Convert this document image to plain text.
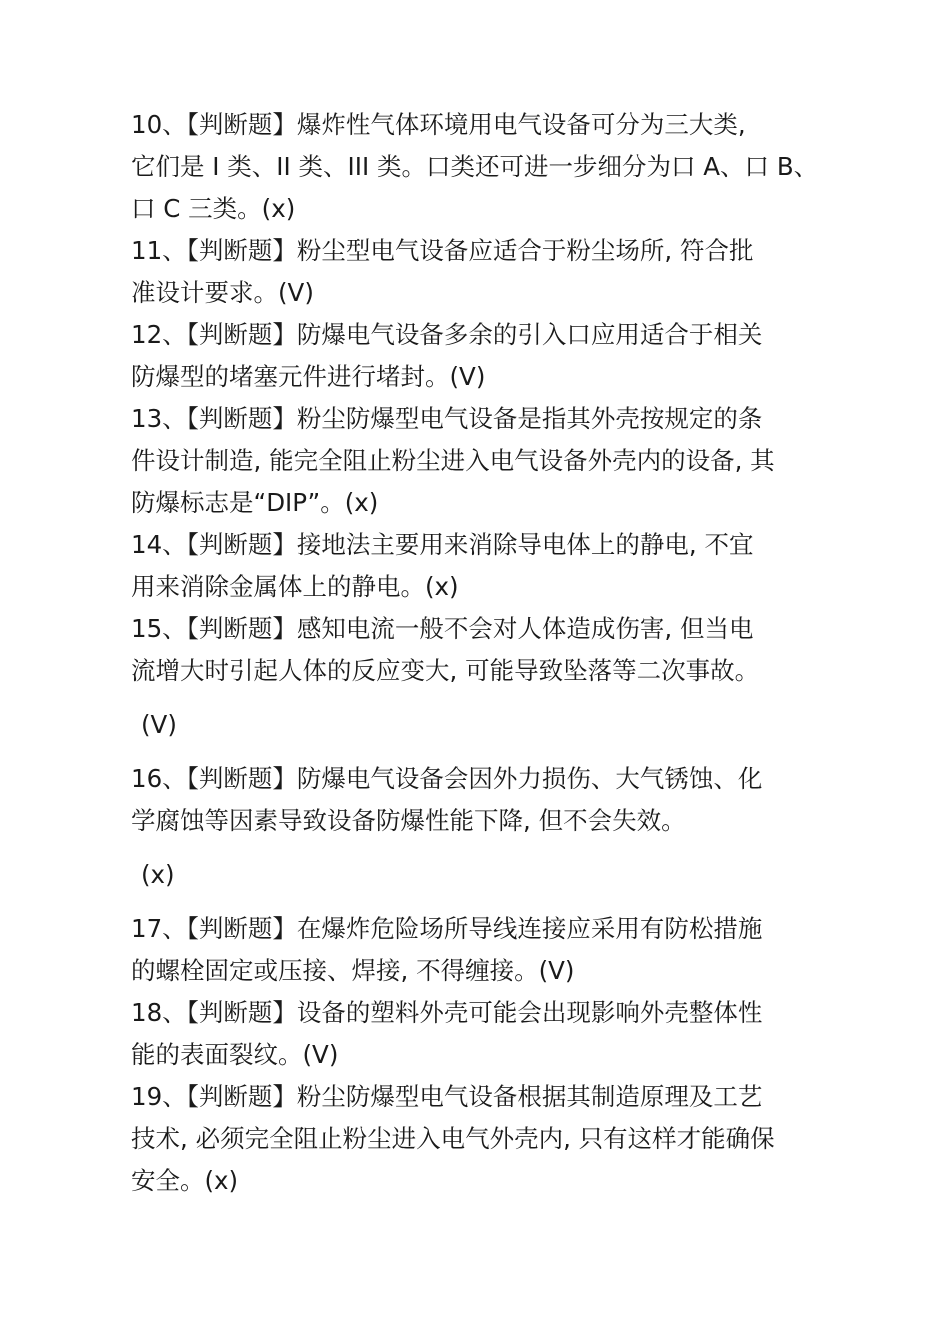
10、【判断题】爆炸性气体环境用电气设备可分为三大类,
它们是 I 类、II 类、III 类。口类还可进一步细分为口 A、口 B、
口 C 三类。(x)
11、【判断题】粉尘型电气设备应适合于粉尘场所, 符合批
准设计要求。(V)
12、【判断题】防爆电气设备多余的引入口应用适合于相关
防爆型的堵塞元件进行堵封。(V)
13、【判断题】粉尘防爆型电气设备是指其外壳按规定的条
件设计制造, 能完全阻止粉尘进入电气设备外壳内的设备, 其
防爆标志是“DIP”。(x)
14、【判断题】接地法主要用来消除导电体上的静电, 不宜
用来消除金属体上的静电。(x)
15、【判断题】感知电流一般不会对人体造成伤害, 但当电
流增大时引起人体的反应变大, 可能导致坠落等二次事故。
(V)
16、【判断题】防爆电气设备会因外力损伤、大气锈蚀、化
学腐蚀等因素导致设备防爆性能下降, 但不会失效。
(x)
17、【判断题】在爆炸危险场所导线连接应采用有防松措施
的螺栓固定或压接、焊接, 不得缠接。(V)
18、【判断题】设备的塑料外壳可能会出现影响外壳整体性
能的表面裂纹。(V)
19、【判断题】粉尘防爆型电气设备根据其制造原理及工艺
技术, 必须完全阻止粉尘进入电气外壳内, 只有这样才能确保
安全。(x)
